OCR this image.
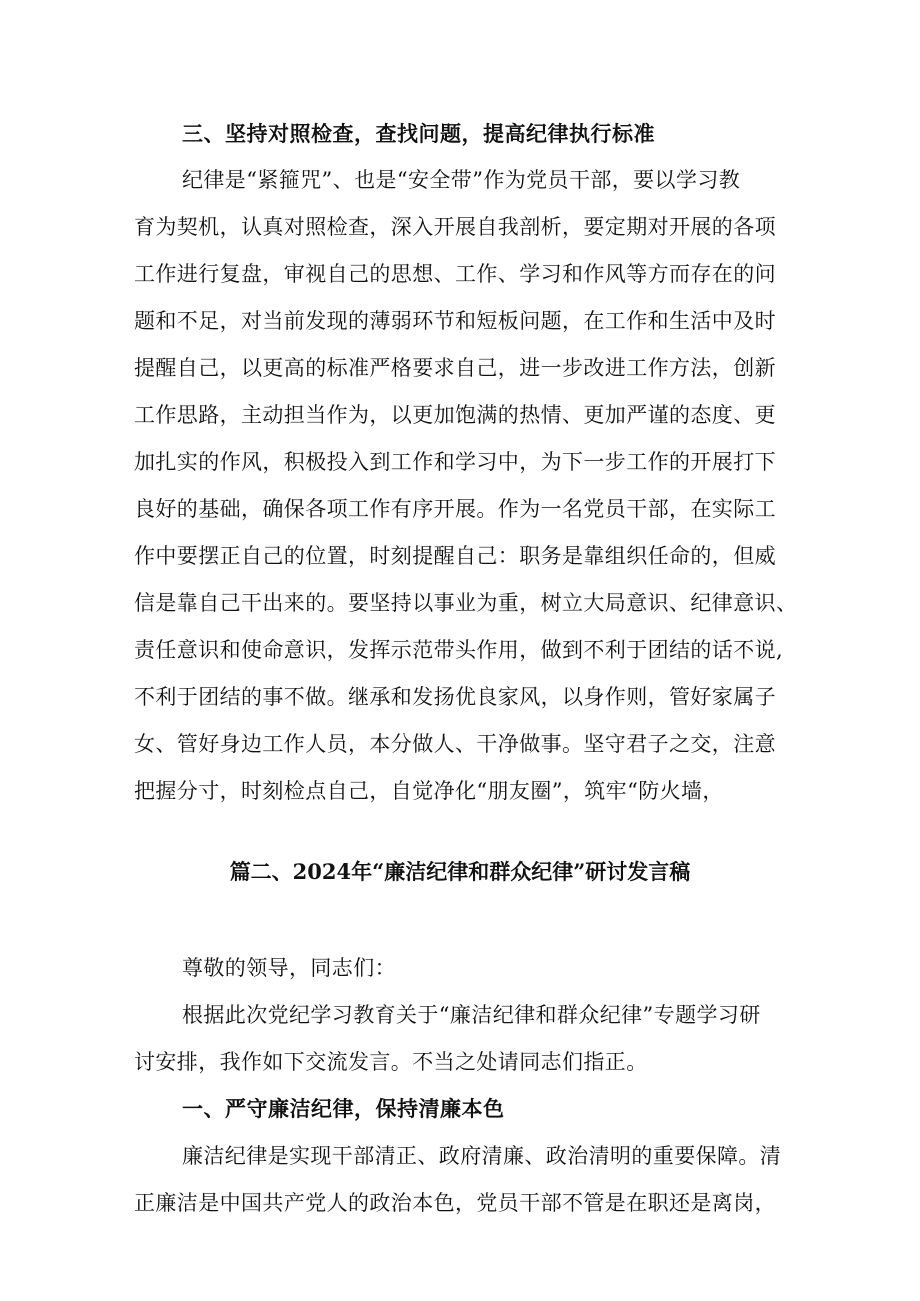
三、坚持对照检查，查找问题，提高纪律执行标准
纪律是“紧箍咒”、也是“安全带”作为党员干部，要以学习教
育为契机，认真对照检查，深入开展自我剖析，要定期对开展的各项
工作进行复盘，审视自己的思想、工作、学习和作风等方而存在的问
题和不足，对当前发现的薄弱环节和短板问题，在工作和生活中及时
提醒自己，以更高的标准严格要求自己，进一步改进工作方法，创新
工作思路，主动担当作为，以更加饱满的热情、更加严谨的态度、更
加扎实的作风，积极投入到工作和学习中，为下一步工作的开展打下
良好的基础，确保各项工作有序开展。作为一名党员干部，在实际工
作中要摆正自己的位置，时刻提醒自己：职务是靠组织任命的，但威
信是靠自己干出来的。要坚持以事业为重，树立大局意识、纪律意识、
责任意识和使命意识，发挥示范带头作用，做到不利于团结的话不说,
不利于团结的事不做。继承和发扬优良家风，以身作则，管好家属子
女、管好身边工作人员，本分做人、干净做事。坚守君子之交，注意
把握分寸，时刻检点自己，自觉净化“朋友圈”，筑牢“防火墙，
篇二、2024年“廉洁纪律和群众纪律”研讨发言稿
尊敬的领导，同志们：
根据此次党纪学习教育关于“廉洁纪律和群众纪律”专题学习研
讨安排，我作如下交流发言。不当之处请同志们指正。
一、严守廉洁纪律，保持清廉本色
廉洁纪律是实现干部清正、政府清廉、政治清明的重要保障。清
正廉洁是中国共产党人的政治本色，党员干部不管是在职还是离岗，
